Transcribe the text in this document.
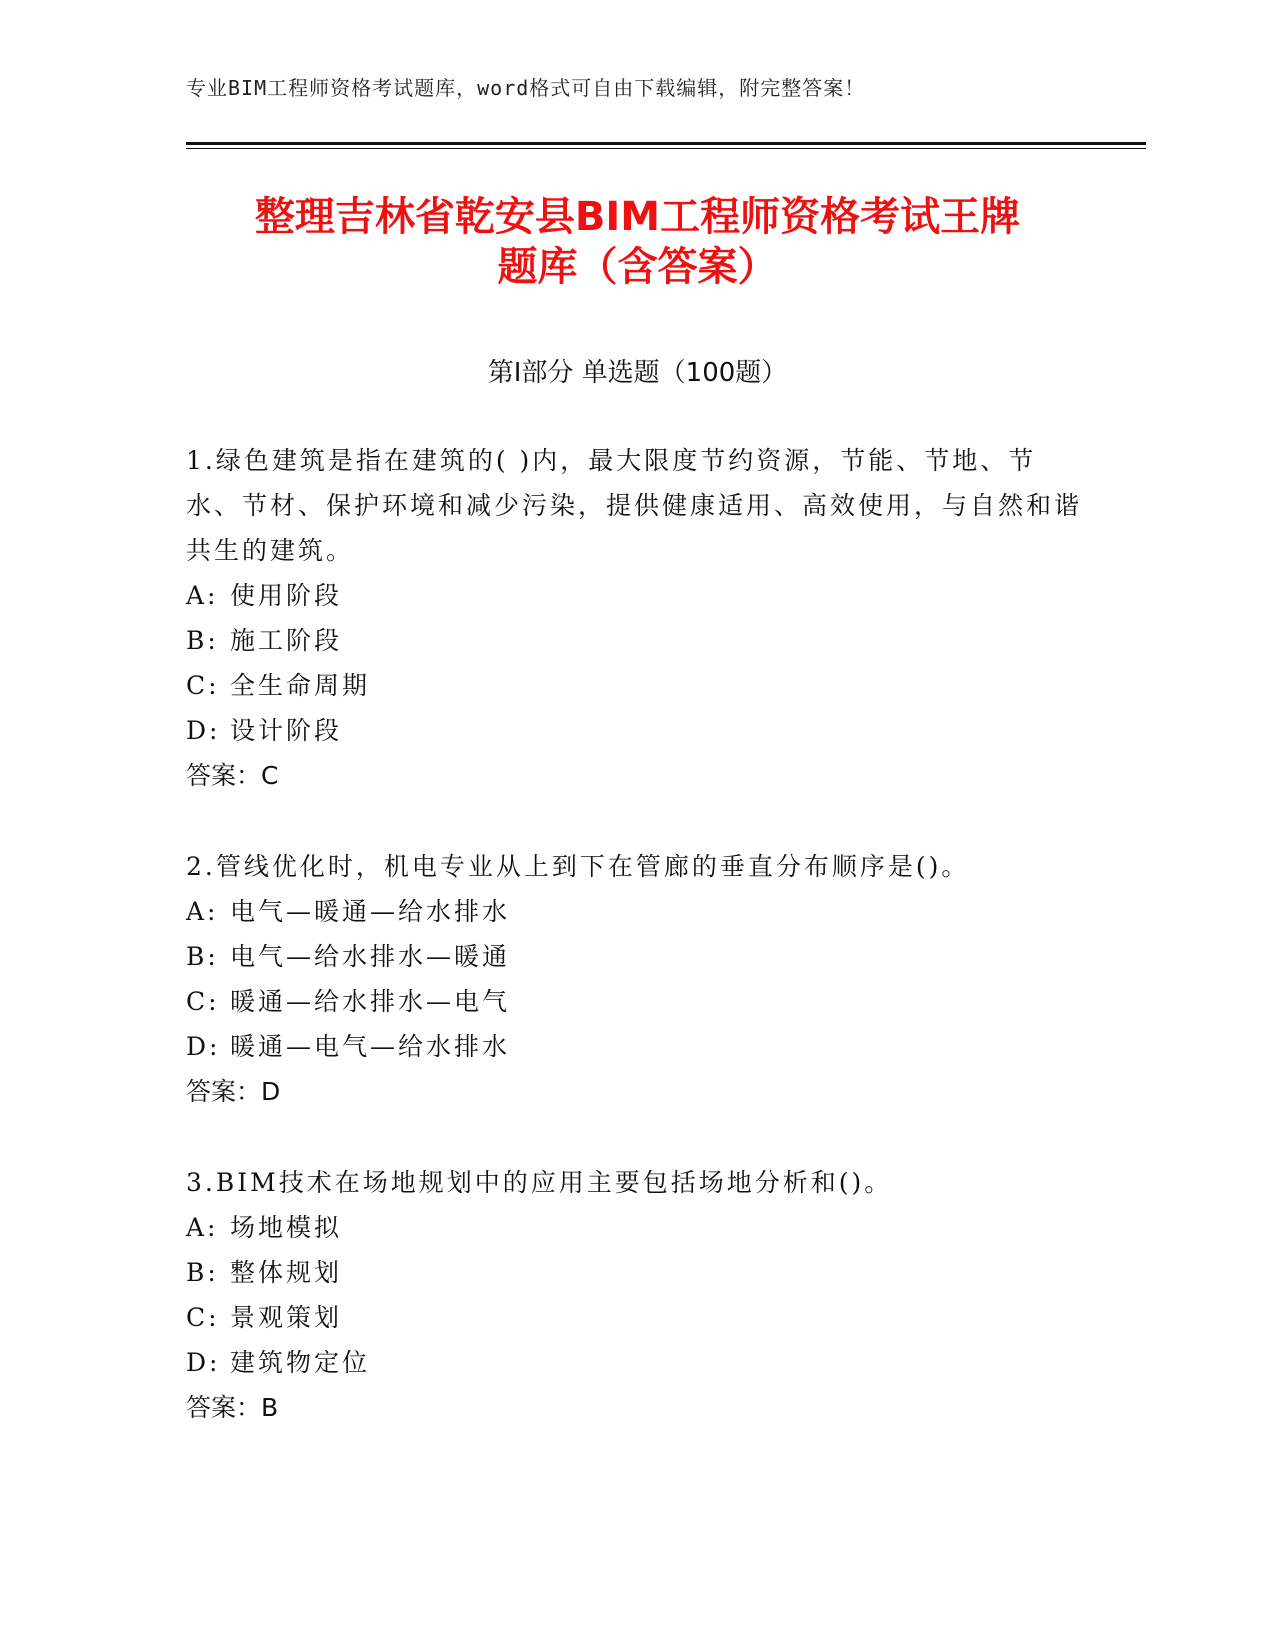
专业BIM工程师资格考试题库，word格式可自由下载编辑，附完整答案！
整理吉林省乾安县BIM工程师资格考试王牌
题库（含答案）
第Ⅰ部分 单选题（100题）

1.绿色建筑是指在建筑的( )内，最大限度节约资源，节能、节地、节水、节材、保护环境和减少污染，提供健康适用、高效使用，与自然和谐共生的建筑。

A: 使用阶段

B: 施工阶段

C: 全生命周期

D: 设计阶段

答案：C

2.管线优化时，机电专业从上到下在管廊的垂直分布顺序是()。

A: 电气—暖通—给水排水

B: 电气—给水排水—暖通

C: 暖通—给水排水—电气

D: 暖通—电气—给水排水

答案：D

3.BIM技术在场地规划中的应用主要包括场地分析和()。

A: 场地模拟

B: 整体规划

C: 景观策划

D: 建筑物定位

答案：B
